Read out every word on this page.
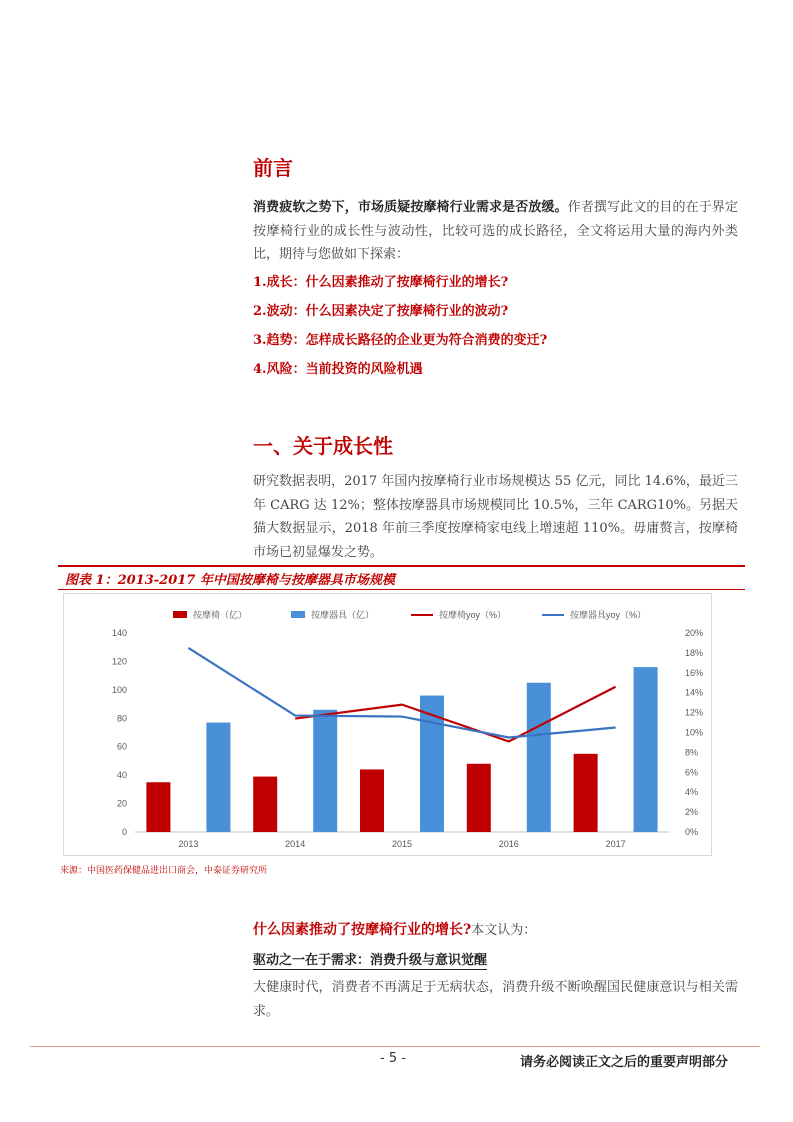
前言
消费疲软之势下，市场质疑按摩椅行业需求是否放缓。作者撰写此文的目的在于界定按摩椅行业的成长性与波动性，比较可选的成长路径，全文将运用大量的海内外类比，期待与您做如下探索：
1.成长：什么因素推动了按摩椅行业的增长?
2.波动：什么因素决定了按摩椅行业的波动?
3.趋势：怎样成长路径的企业更为符合消费的变迁?
4.风险：当前投资的风险机遇
一、关于成长性
研究数据表明，2017 年国内按摩椅行业市场规模达 55 亿元，同比 14.6%，最近三年 CARG 达 12%；整体按摩器具市场规模同比 10.5%，三年 CARG10%。另据天猫大数据显示，2018 年前三季度按摩椅家电线上增速超 110%。毋庸赘言，按摩椅市场已初显爆发之势。
图表 1：2013-2017 年中国按摩椅与按摩器具市场规模
按摩椅（亿）	按摩器具（亿）	按摩椅yoy（%）	按摩器具yoy（%）
0
20
40
60
80
100
120
140
0%
2%
4%
6%
8%
10%
12%
14%
16%
18%
20%
2013	2014	2015	2016	2017
来源：中国医药保健品进出口商会，中泰证券研究所
什么因素推动了按摩椅行业的增长?本文认为：
驱动之一在于需求：消费升级与意识觉醒
大健康时代，消费者不再满足于无病状态，消费升级不断唤醒国民健康意识与相关需求。
- 5 -	请务必阅读正文之后的重要声明部分
